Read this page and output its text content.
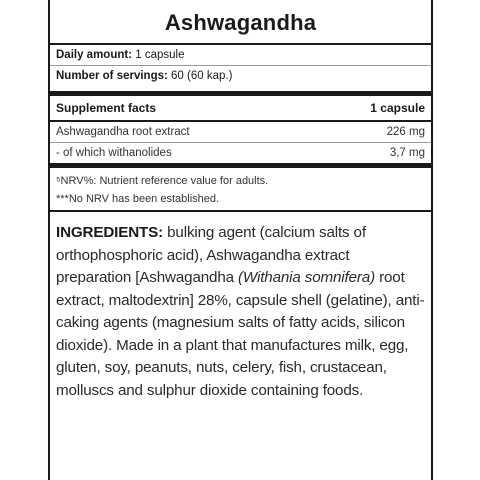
Ashwagandha
Daily amount: 1 capsule
Number of servings: 60 (60 kap.)
Supplement facts	1 capsule
Ashwagandha root extract	226 mg
- of which withanolides	3,7 mg
⁵NRV%: Nutrient reference value for adults.
***No NRV has been established.
INGREDIENTS: bulking agent (calcium salts of orthophosphoric acid), Ashwagandha extract preparation [Ashwagandha (Withania somnifera) root extract, maltodextrin] 28%, capsule shell (gelatine), anti-caking agents (magnesium salts of fatty acids, silicon dioxide). Made in a plant that manufactures milk, egg, gluten, soy, peanuts, nuts, celery, fish, crustacean, molluscs and sulphur dioxide containing foods.
